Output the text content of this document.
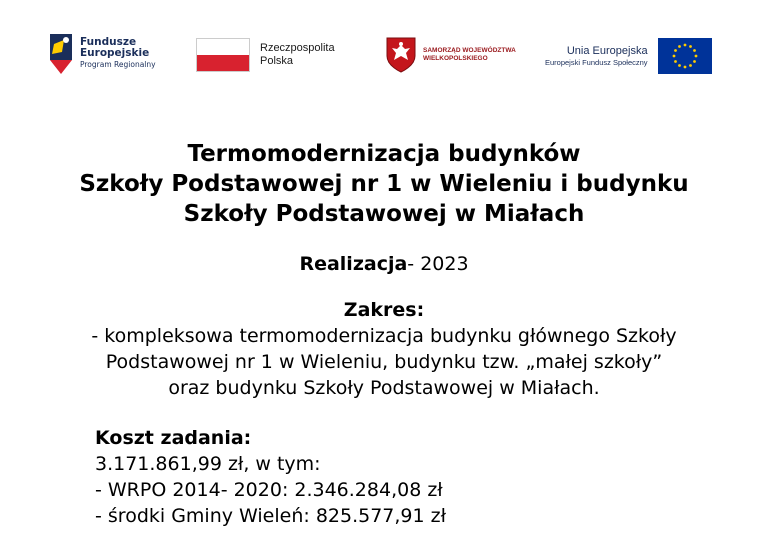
Fundusze
Europejskie
Program Regionalny
Rzeczpospolita
Polska
SAMORZĄD WOJEWÓDZTWA
WIELKOPOLSKIEGO
Unia Europejska
Europejski Fundusz Społeczny
Termomodernizacja budynków
Szkoły Podstawowej nr 1 w Wieleniu i budynku
Szkoły Podstawowej w Miałach
Realizacja- 2023
Zakres:
- kompleksowa termomodernizacja budynku głównego Szkoły
Podstawowej nr 1 w Wieleniu, budynku tzw. „małej szkoły”
oraz budynku Szkoły Podstawowej w Miałach.
Koszt zadania:
3.171.861,99 zł, w tym:
- WRPO 2014- 2020: 2.346.284,08 zł
- środki Gminy Wieleń: 825.577,91 zł
